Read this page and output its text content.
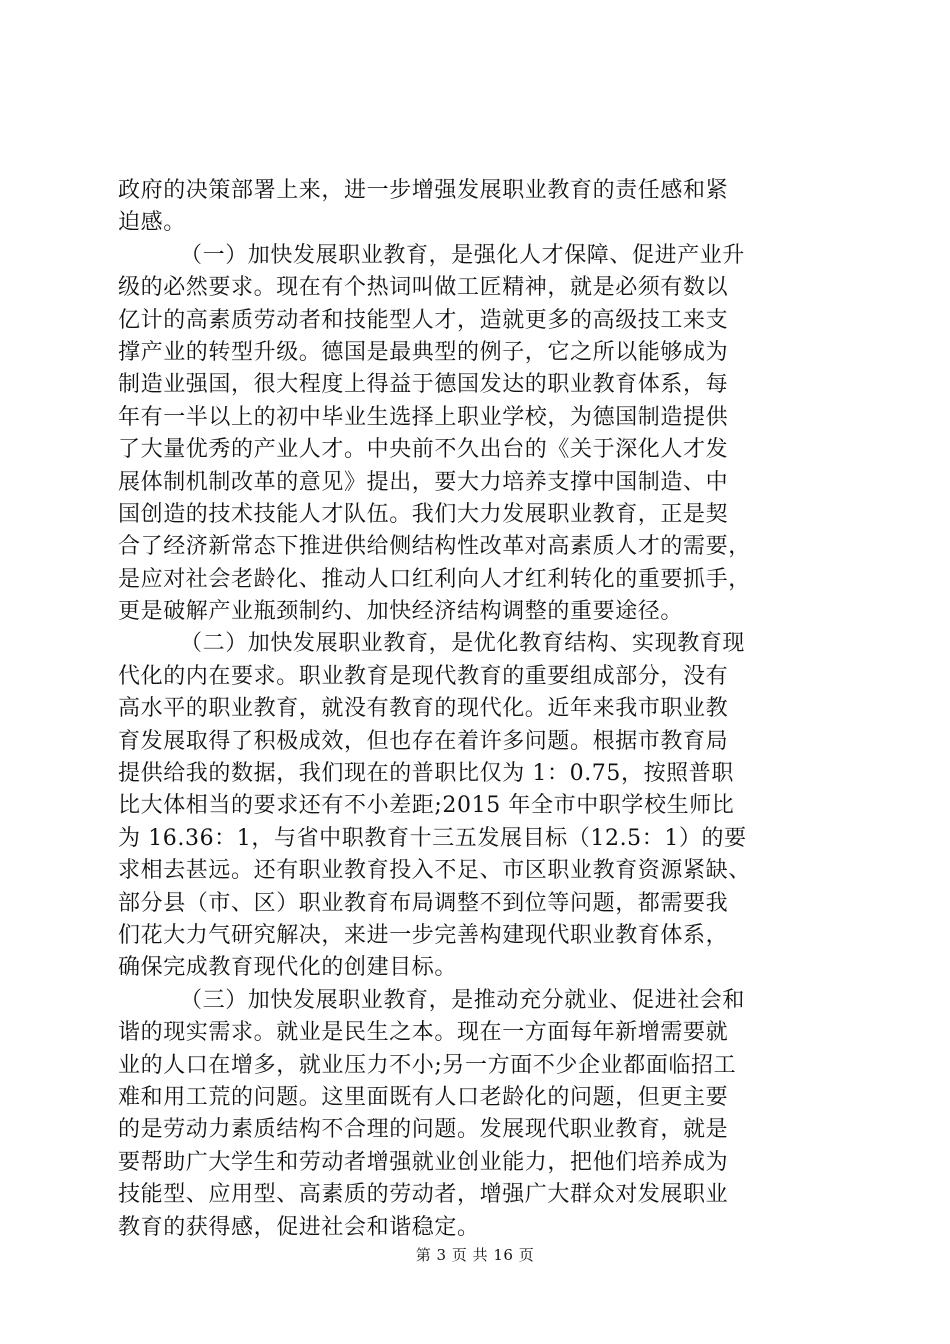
政府的决策部署上来，进一步增强发展职业教育的责任感和紧
迫感。
（一）加快发展职业教育，是强化人才保障、促进产业升
级的必然要求。现在有个热词叫做工匠精神，就是必须有数以
亿计的高素质劳动者和技能型人才，造就更多的高级技工来支
撑产业的转型升级。德国是最典型的例子，它之所以能够成为
制造业强国，很大程度上得益于德国发达的职业教育体系，每
年有一半以上的初中毕业生选择上职业学校，为德国制造提供
了大量优秀的产业人才。中央前不久出台的《关于深化人才发
展体制机制改革的意见》提出，要大力培养支撑中国制造、中
国创造的技术技能人才队伍。我们大力发展职业教育，正是契
合了经济新常态下推进供给侧结构性改革对高素质人才的需要，
是应对社会老龄化、推动人口红利向人才红利转化的重要抓手，
更是破解产业瓶颈制约、加快经济结构调整的重要途径。
（二）加快发展职业教育，是优化教育结构、实现教育现
代化的内在要求。职业教育是现代教育的重要组成部分，没有
高水平的职业教育，就没有教育的现代化。近年来我市职业教
育发展取得了积极成效，但也存在着许多问题。根据市教育局
提供给我的数据，我们现在的普职比仅为 1：0.75，按照普职
比大体相当的要求还有不小差距;2015 年全市中职学校生师比
为 16.36：1，与省中职教育十三五发展目标（12.5：1）的要
求相去甚远。还有职业教育投入不足、市区职业教育资源紧缺、
部分县（市、区）职业教育布局调整不到位等问题，都需要我
们花大力气研究解决，来进一步完善构建现代职业教育体系，
确保完成教育现代化的创建目标。
（三）加快发展职业教育，是推动充分就业、促进社会和
谐的现实需求。就业是民生之本。现在一方面每年新增需要就
业的人口在增多，就业压力不小;另一方面不少企业都面临招工
难和用工荒的问题。这里面既有人口老龄化的问题，但更主要
的是劳动力素质结构不合理的问题。发展现代职业教育，就是
要帮助广大学生和劳动者增强就业创业能力，把他们培养成为
技能型、应用型、高素质的劳动者，增强广大群众对发展职业
教育的获得感，促进社会和谐稳定。
第 3 页 共 16 页
